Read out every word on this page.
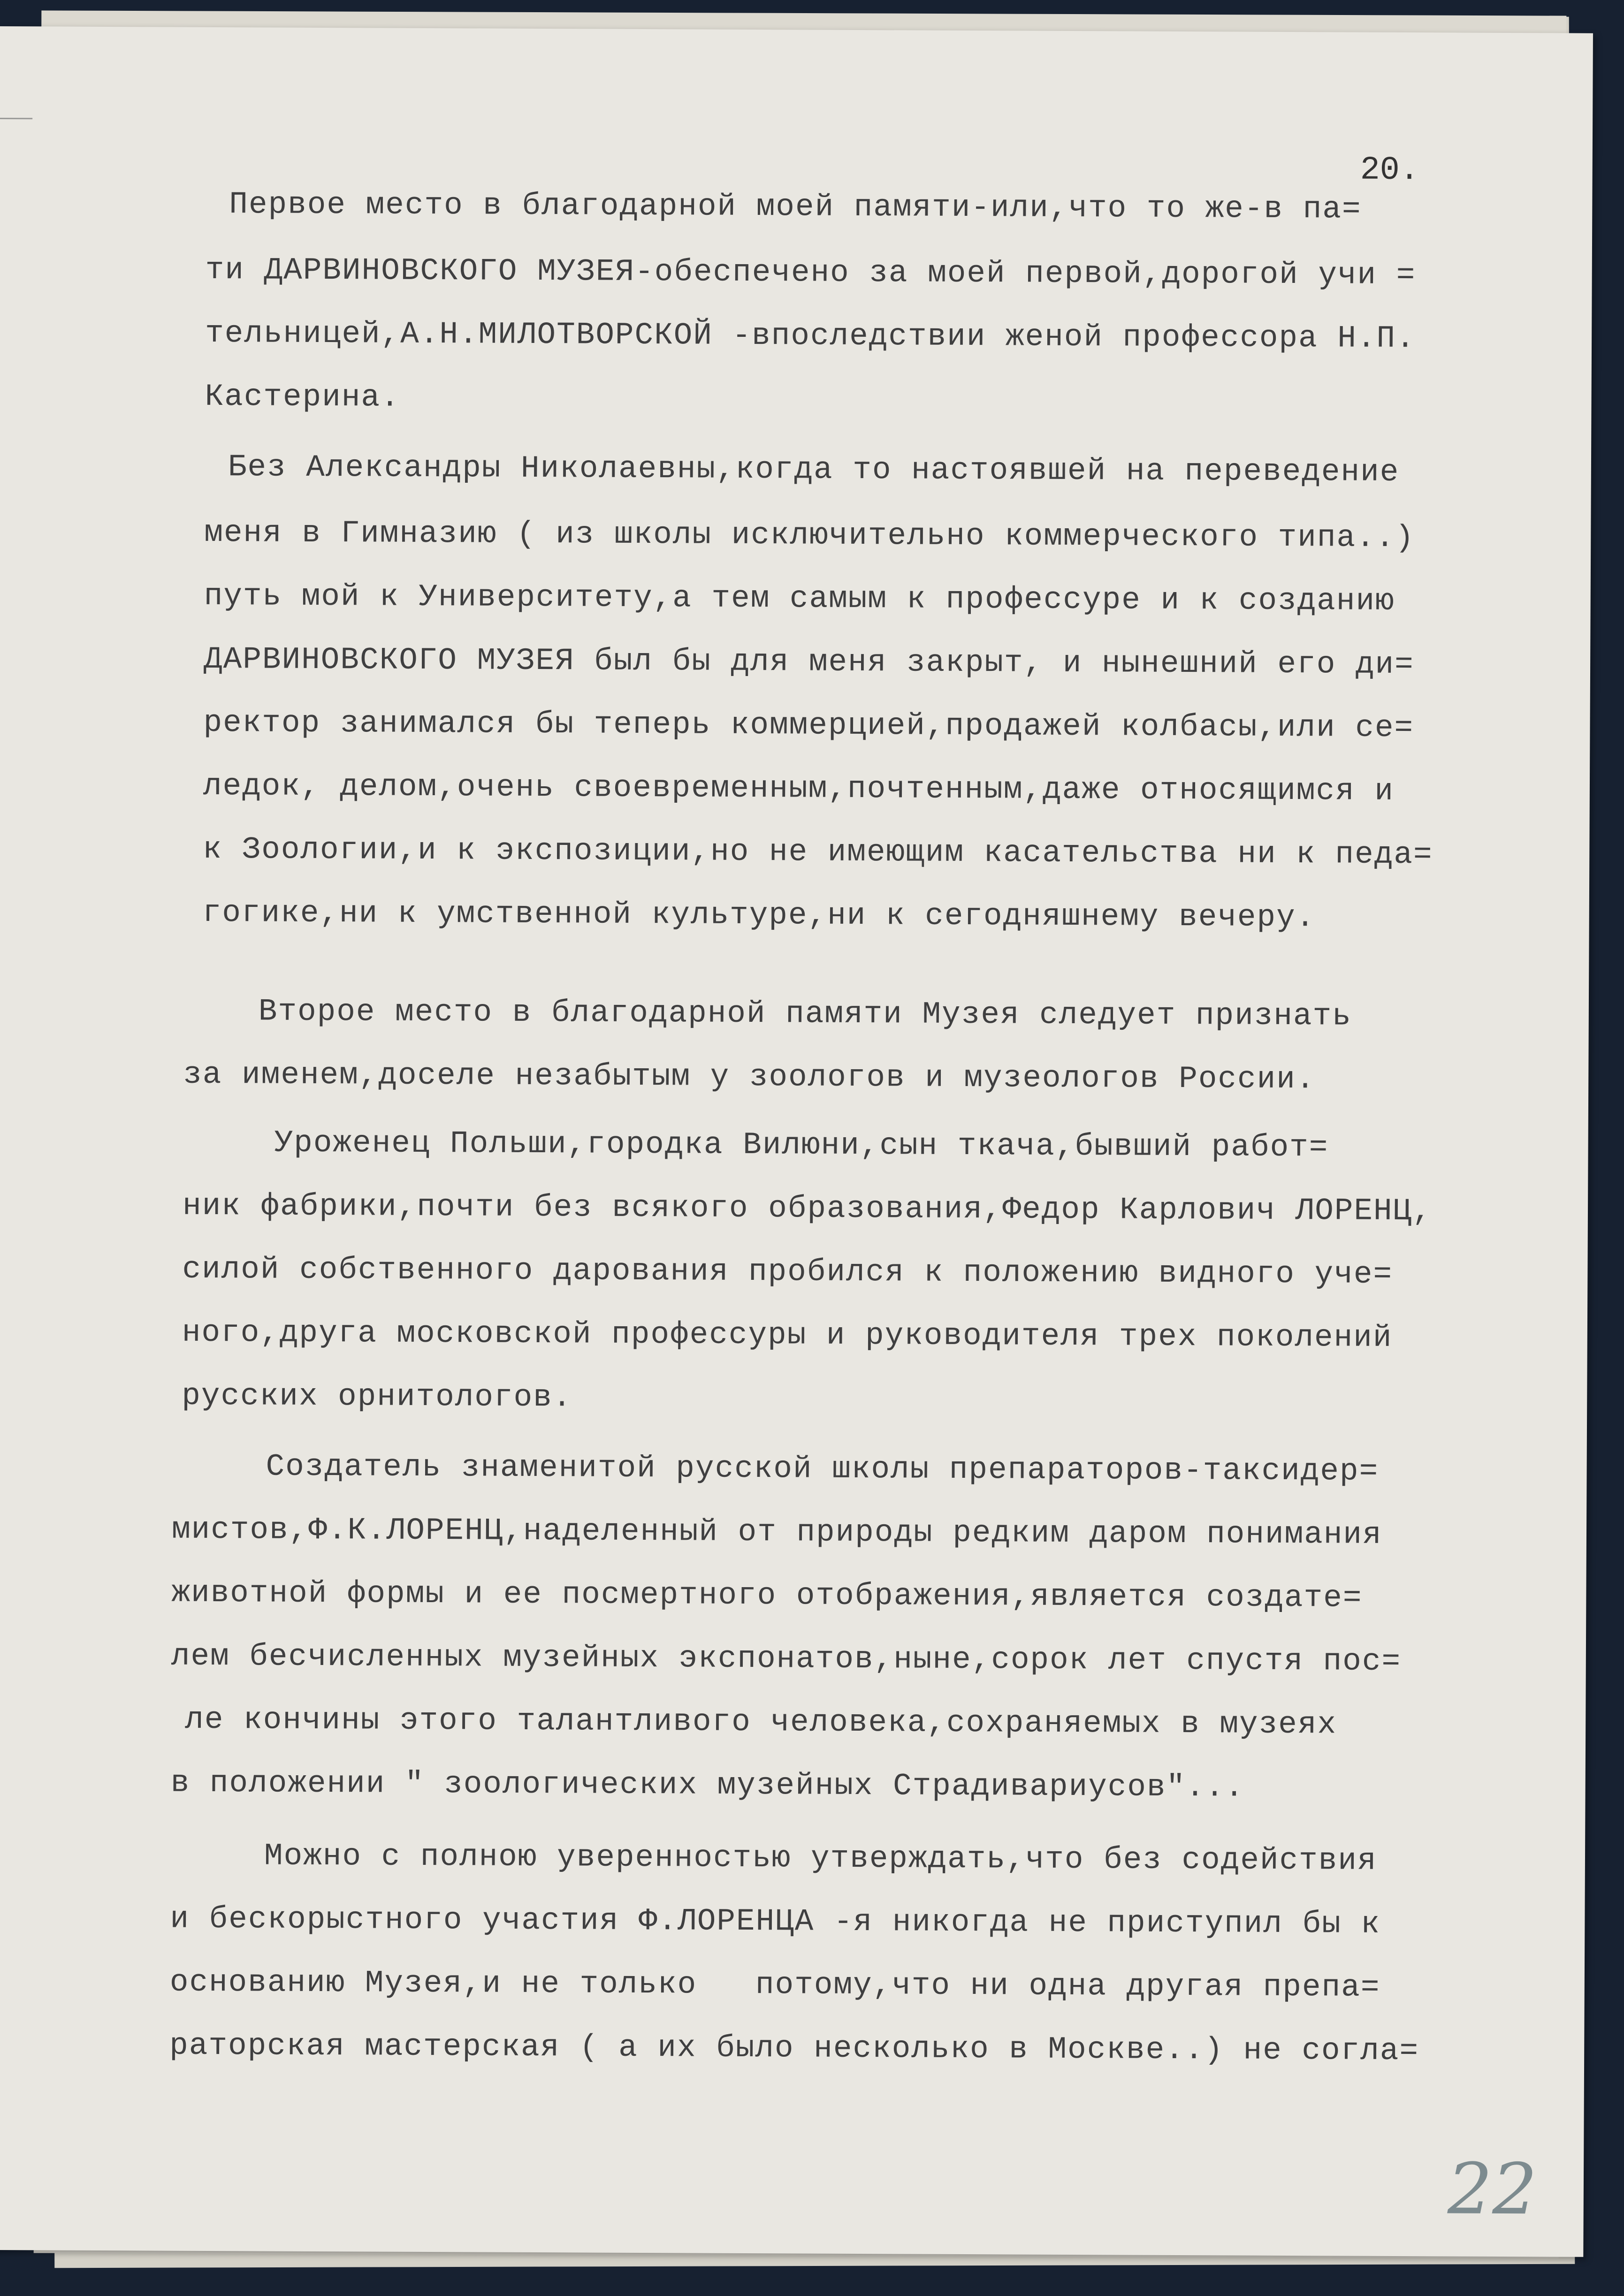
20.

Первое место в благодарной моей памяти-или,что то же-в па=

ти ДАРВИНОВСКОГО МУЗЕЯ-обеспечено за моей первой,дорогой учи =

тельницей,А.Н.МИЛОТВОРСКОЙ -впоследствии женой профессора Н.П.

Кастерина.

Без Александры Николаевны,когда то настоявшей на переведение

меня в Гимназию ( из школы исключительно коммерческого типа..)

путь мой к Университету,а тем самым к профессуре и к созданию

ДАРВИНОВСКОГО МУЗЕЯ был бы для меня закрыт, и нынешний его ди=

ректор занимался бы теперь коммерцией,продажей колбасы,или се=

ледок, делом,очень своевременным,почтенным,даже относящимся и

к Зоологии,и к экспозиции,но не имеющим касательства ни к педа=

гогике,ни к умственной культуре,ни к сегодняшнему вечеру.

Второе место в благодарной памяти Музея следует признать

за именем,доселе незабытым у зоологов и музеологов России.

Уроженец Польши,городка Вилюни,сын ткача,бывший работ=

ник фабрики,почти без всякого образования,Федор Карлович ЛОРЕНЦ,

силой собственного дарования пробился к положению видного уче=

ного,друга московской профессуры и руководителя трех поколений

русских орнитологов.

Создатель знаменитой русской школы препараторов-таксидер=

мистов,Ф.К.ЛОРЕНЦ,наделенный от природы редким даром понимания

животной формы и ее посмертного отображения,является создате=

лем бесчисленных музейных экспонатов,ныне,сорок лет спустя пос=

ле кончины этого талантливого человека,сохраняемых в музеях

в положении " зоологических музейных Страдивариусов"...

Можно с полною уверенностью утверждать,что без содействия

и бескорыстного участия Ф.ЛОРЕНЦА -я никогда не приступил бы к

основанию Музея,и не только   потому,что ни одна другая препа=

раторская мастерская ( а их было несколько в Москве..) не согла=

22
